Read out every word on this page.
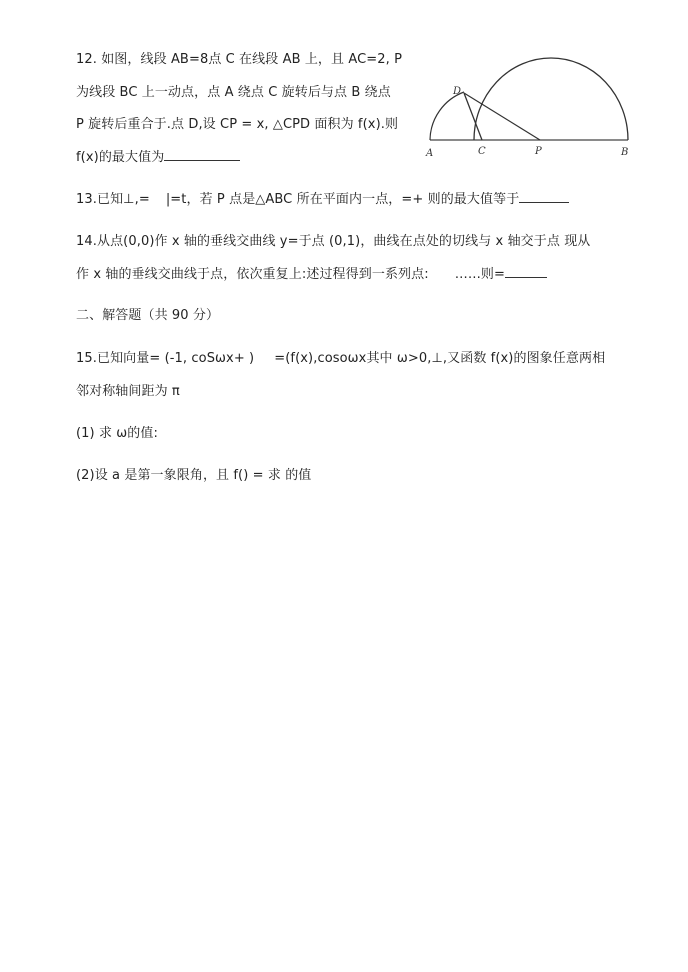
12. 如图，线段 AB=8点 C 在线段 AB 上，且 AC=2, P
为线段 BC 上一动点，点 A 绕点 C 旋转后与点 B 绕点
P 旋转后重合于.点 D,设 CP = x, △CPD 面积为 f(x).则
f(x)的最大值为	A	C	P	B
D
13.已知⊥,= |=t，若 P 点是△ABC 所在平面内一点，=+ 则的最大值等于
14.从点(0,0)作 x 轴的垂线交曲线 y=于点 (0,1)，曲线在点处的切线与 x 轴交于点 现从
作 x 轴的垂线交曲线于点，依次重复上:述过程得到一系列点: ……则=
二、解答题（共 90 分）
15.已知向量= (-1, coSωx+ ) =(f(x),cosoωx其中 ω>0,⊥,又函数 f(x)的图象任意两相
邻对称轴间距为 π
(1) 求 ω的值:
(2)设 a 是第一象限角，且 f() = 求 的值
